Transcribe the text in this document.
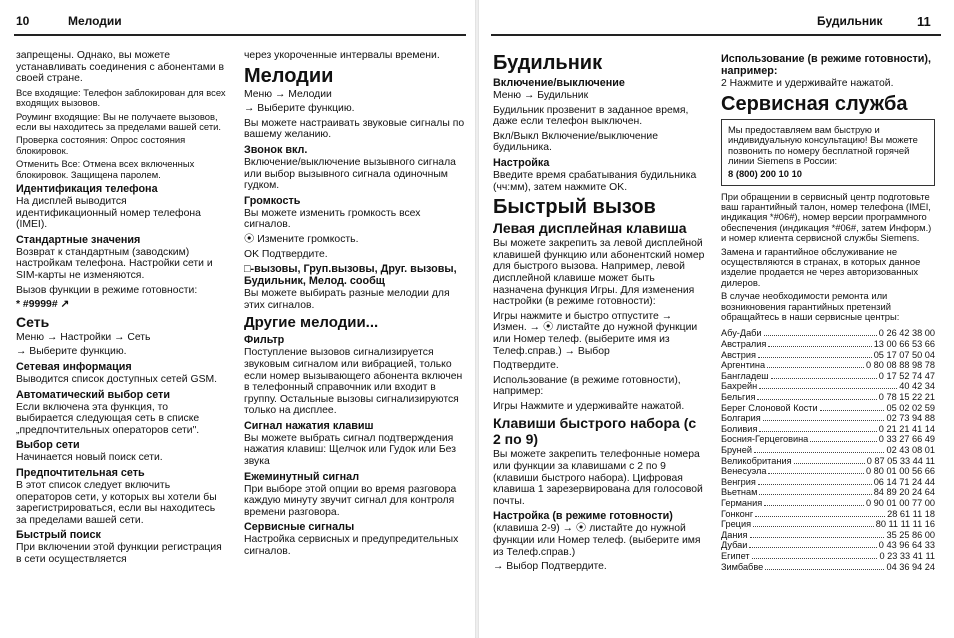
10	Мелодии
запрещены. Однако, вы можете устанавливать соединения с абонентами в своей стране.
Все входящие: Телефон заблокирован для всех входящих вызовов.
Роуминг входящие: Вы не получаете вызовов, если вы находитесь за пределами вашей сети.
Проверка состояния: Опрос состояния блокировок.
Отменить Все: Отмена всех включенных блокировок. Защищена паролем.
Идентификация телефона
На дисплей выводится идентификационный номер телефона (IMEI).
Стандартные значения
Возврат к стандартным (заводским) настройкам телефона. Настройки сети и SIM-карты не изменяются.
Вызов функции в режиме готовности:
* #9999# ↗
Сеть
Меню → Настройки → Сеть
→ Выберите функцию.
Сетевая информация
Выводится список доступных сетей GSM.
Автоматический выбор сети
Если включена эта функция, то выбирается следующая сеть в списке „предпочтительных операторов сети".
Выбор сети
Начинается новый поиск сети.
Предпочтительная сеть
В этот список следует включить операторов сети, у которых вы хотели бы зарегистрироваться, если вы находитесь за пределами вашей сети.
Быстрый поиск
При включении этой функции регистрация в сети осуществляется
через укороченные интервалы времени.
Мелодии
Меню → Мелодии
→ Выберите функцию.
Вы можете настраивать звуковые сигналы по вашему желанию.
Звонок вкл.
Включение/выключение вызывного сигнала или выбор вызывного сигнала одиночным гудком.
Громкость
Вы можете изменить громкость всех сигналов.
⦿ Измените громкость.
OK Подтвердите.
□-вызовы, Груп.вызовы, Друг. вызовы, Будильник, Мелод. сообщ
Вы можете выбирать разные мелодии для этих сигналов.
Другие мелодии...
Фильтр
Поступление вызовов сигнализируется звуковым сигналом или вибрацией, только если номер вызывающего абонента включен в телефонный справочник или входит в группу. Остальные вызовы сигнализируются только на дисплее.
Сигнал нажатия клавиш
Вы можете выбрать сигнал подтверждения нажатия клавиш: Щелчок или Гудок или Без звука
Ежеминутный сигнал
При выборе этой опции во время разговора каждую минуту звучит сигнал для контроля времени разговора.
Сервисные сигналы
Настройка сервисных и предупредительных сигналов.
Будильник	11
Будильник
Включение/выключение
Меню → Будильник
Будильник прозвенит в заданное время, даже если телефон выключен.
Вкл/Выкл Включение/выключение будильника.
Настройка
Введите время срабатывания будильника (чч:мм), затем нажмите OK.
Быстрый вызов
Левая дисплейная клавиша
Вы можете закрепить за левой дисплейной клавишей функцию или абонентский номер для быстрого вызова. Например, левой дисплейной клавише может быть назначена функция Игры. Для изменения настройки (в режиме готовности):
Игры нажмите и быстро отпустите → Измен. → ⦿ листайте до нужной функции или Номер телеф. (выберите имя из Телеф.справ.) → Выбор
Подтвердите.
Использование (в режиме готовности), например:
Игры Нажмите и удерживайте нажатой.
Клавиши быстрого набора (с 2 по 9)
Вы можете закрепить телефонные номера или функции за клавишами с 2 по 9 (клавиши быстрого набора). Цифровая клавиша 1 зарезервирована для голосовой почты.
Настройка (в режиме готовности)
(клавиша 2-9) → ⦿ листайте до нужной функции или Номер телеф. (выберите имя из Телеф.справ.)
→ Выбор Подтвердите.
Использование (в режиме готовности), например:
2 Нажмите и удерживайте нажатой.
Сервисная служба
Мы предоставляем вам быструю и индивидуальную консультацию! Вы можете позвонить по номеру бесплатной горячей линии Siemens в России:
8 (800) 200 10 10
При обращении в сервисный центр подготовьте ваш гарантийный талон, номер телефона (IMEI, индикация *#06#), номер версии программного обеспечения (индикация *#06#, затем Информ.) и номер клиента сервисной службы Siemens.
Замена и гарантийное обслуживание не осуществляются в странах, в которых данное изделие продается не через авторизованных дилеров.
В случае необходимости ремонта или возникновения гарантийных претензий обращайтесь в наши сервисные центры:
Абу-Даби	0 26 42 38 00
Австралия	13 00 66 53 66
Австрия	05 17 07 50 04
Аргентина	0 80 08 88 98 78
Бангладеш	0 17 52 74 47
Бахрейн	40 42 34
Бельгия	0 78 15 22 21
Берег Слоновой Кости	05 02 02 59
Болгария	02 73 94 88
Боливия	0 21 21 41 14
Босния-Герцеговина	0 33 27 66 49
Бруней	02 43 08 01
Великобритания	0 87 05 33 44 11
Венесуэла	0 80 01 00 56 66
Венгрия	06 14 71 24 44
Вьетнам	84 89 20 24 64
Германия	0 90 01 00 77 00
Гонконг	28 61 11 18
Греция	80 11 11 11 16
Дания	35 25 86 00
Дубаи	0 43 96 64 33
Египет	0 23 33 41 11
Зимбабве	04 36 94 24
